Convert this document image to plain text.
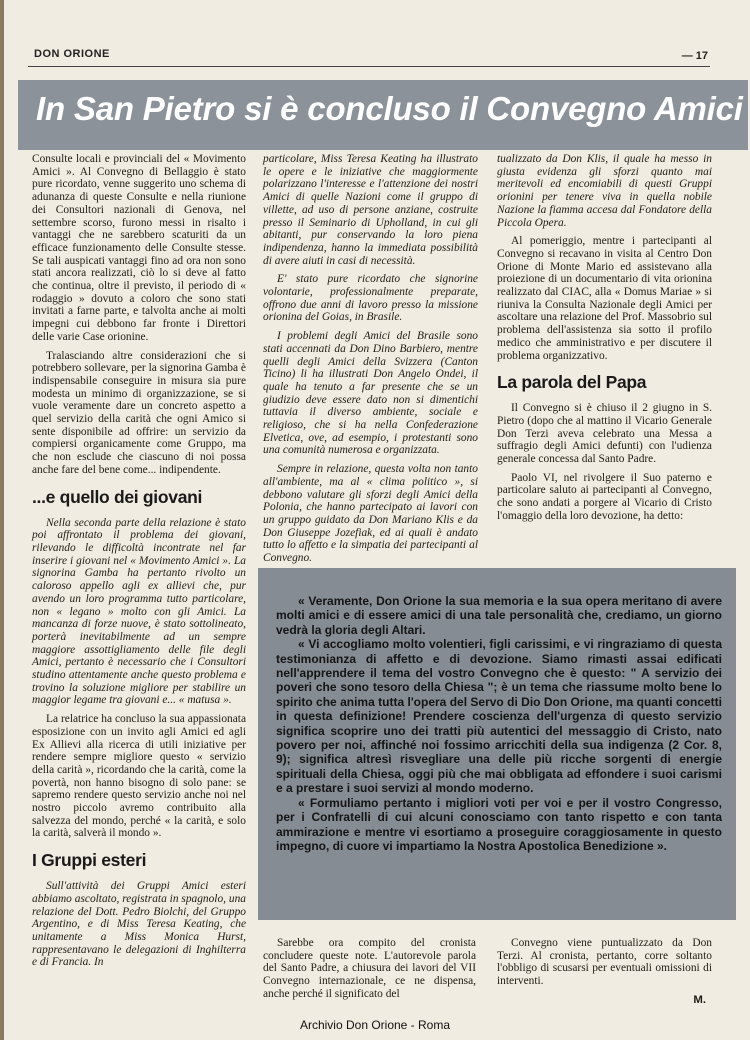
DON ORIONE	— 17
In San Pietro si è concluso il Convegno Amici

Consulte locali e provinciali del « Movimento Amici ». Al Convegno di Bellaggio è stato pure ricordato, venne suggerito uno schema di adunanza di queste Consulte e nella riunione dei Consultori nazionali di Genova, nel settembre scorso, furono messi in risalto i vantaggi che ne sarebbero scaturiti da un efficace funzionamento delle Consulte stesse. Se tali auspicati vantaggi fino ad ora non sono stati ancora realizzati, ciò lo si deve al fatto che continua, oltre il previsto, il periodo di « rodaggio » dovuto a coloro che sono stati invitati a farne parte, e talvolta anche ai molti impegni cui debbono far fronte i Direttori delle varie Case orionine.

Tralasciando altre considerazioni che si potrebbero sollevare, per la signorina Gamba è indispensabile conseguire in misura sia pure modesta un minimo di organizzazione, se si vuole veramente dare un concreto aspetto a quel servizio della carità che ogni Amico si sente disponibile ad offrire: un servizio da compiersi organicamente come Gruppo, ma che non esclude che ciascuno di noi possa anche fare del bene come... indipendente.

...e quello dei giovani

Nella seconda parte della relazione è stato poi affrontato il problema dei giovani, rilevando le difficoltà incontrate nel far inserire i giovani nel « Movimento Amici ». La signorina Gamba ha pertanto rivolto un caloroso appello agli ex allievi che, pur avendo un loro programma tutto particolare, non « legano » molto con gli Amici. La mancanza di forze nuove, è stato sottolineato, porterà inevitabilmente ad un sempre maggiore assottigliamento delle file degli Amici, pertanto è necessario che i Consultori studino attentamente anche questo problema e trovino la soluzione migliore per stabilire un maggior legame tra giovani e... « matusa ».

La relatrice ha concluso la sua appassionata esposizione con un invito agli Amici ed agli Ex Allievi alla ricerca di utili iniziative per rendere sempre migliore questo « servizio della carità », ricordando che la carità, come la povertà, non hanno bisogno di solo pane: se sapremo rendere questo servizio anche noi nel nostro piccolo avremo contribuito alla salvezza del mondo, perché « la carità, e solo la carità, salverà il mondo ».

I Gruppi esteri

Sull'attività dei Gruppi Amici esteri abbiamo ascoltato, registrata in spagnolo, una relazione del Dott. Pedro Biolchi, del Gruppo Argentino, e di Miss Teresa Keating, che unitamente a Miss Monica Hurst, rappresentavano le delegazioni di Inghilterra e di Francia. In

particolare, Miss Teresa Keating ha illustrato le opere e le iniziative che maggiormente polarizzano l'interesse e l'attenzione dei nostri Amici di quelle Nazioni come il gruppo di villette, ad uso di persone anziane, costruite presso il Seminario di Upholland, in cui gli abitanti, pur conservando la loro piena indipendenza, hanno la immediata possibilità di avere aiuti in casi di necessità.

E' stato pure ricordato che signorine volontarie, professionalmente preparate, offrono due anni di lavoro presso la missione orionina del Goias, in Brasile.

I problemi degli Amici del Brasile sono stati accennati da Don Dino Barbiero, mentre quelli degli Amici della Svizzera (Canton Ticino) li ha illustrati Don Angelo Ondei, il quale ha tenuto a far presente che se un giudizio deve essere dato non si dimentichi tuttavia il diverso ambiente, sociale e religioso, che si ha nella Confederazione Elvetica, ove, ad esempio, i protestanti sono una comunità numerosa e organizzata.

Sempre in relazione, questa volta non tanto all'ambiente, ma al « clima politico », si debbono valutare gli sforzi degli Amici della Polonia, che hanno partecipato ai lavori con un gruppo guidato da Don Mariano Klis e da Don Giuseppe Jozefiak, ed ai quali è andato tutto lo affetto e la simpatia dei partecipanti al Convegno.

tualizzato da Don Klis, il quale ha messo in giusta evidenza gli sforzi quanto mai meritevoli ed encomiabili di questi Gruppi orionini per tenere viva in quella nobile Nazione la fiamma accesa dal Fondatore della Piccola Opera.

Al pomeriggio, mentre i partecipanti al Convegno si recavano in visita al Centro Don Orione di Monte Mario ed assistevano alla proiezione di un documentario di vita orionina realizzato dal CIAC, alla « Domus Mariae » si riuniva la Consulta Nazionale degli Amici per ascoltare una relazione del Prof. Massobrio sul problema dell'assistenza sia sotto il profilo medico che amministrativo e per discutere il problema organizzativo.

La parola del Papa

Il Convegno si è chiuso il 2 giugno in S. Pietro (dopo che al mattino il Vicario Generale Don Terzi aveva celebrato una Messa a suffragio degli Amici defunti) con l'udienza generale concessa dal Santo Padre.

Paolo VI, nel rivolgere il Suo paterno e particolare saluto ai partecipanti al Convegno, che sono andati a porgere al Vicario di Cristo l'omaggio della loro devozione, ha detto:

« Veramente, Don Orione la sua memoria e la sua opera meritano di avere molti amici e di essere amici di una tale personalità che, crediamo, un giorno vedrà la gloria degli Altari.

« Vi accogliamo molto volentieri, figli carissimi, e vi ringraziamo di questa testimonianza di affetto e di devozione. Siamo rimasti assai edificati nell'apprendere il tema del vostro Convegno che è questo: " A servizio dei poveri che sono tesoro della Chiesa "; è un tema che riassume molto bene lo spirito che anima tutta l'opera del Servo di Dio Don Orione, ma quanti concetti in questa definizione! Prendere coscienza dell'urgenza di questo servizio significa scoprire uno dei tratti più autentici del messaggio di Cristo, nato povero per noi, affinché noi fossimo arricchiti della sua indigenza (2 Cor. 8, 9); significa altresì risvegliare una delle più ricche sorgenti di energie spirituali della Chiesa, oggi più che mai obbligata ad effondere i suoi carismi e a prestare i suoi servizi al mondo moderno.

« Formuliamo pertanto i migliori voti per voi e per il vostro Congresso, per i Confratelli di cui alcuni conosciamo con tanto rispetto e con tanta ammirazione e mentre vi esortiamo a proseguire coraggiosamente in questo impegno, di cuore vi impartiamo la Nostra Apostolica Benedizione ».

Sarebbe ora compito del cronista concludere queste note. L'autorevole parola del Santo Padre, a chiusura dei lavori del VII Convegno internazionale, ce ne dispensa, anche perché il significato del

Convegno viene puntualizzato da Don Terzi. Al cronista, pertanto, corre soltanto l'obbligo di scusarsi per eventuali omissioni di interventi.

M.
Archivio Don Orione - Roma
